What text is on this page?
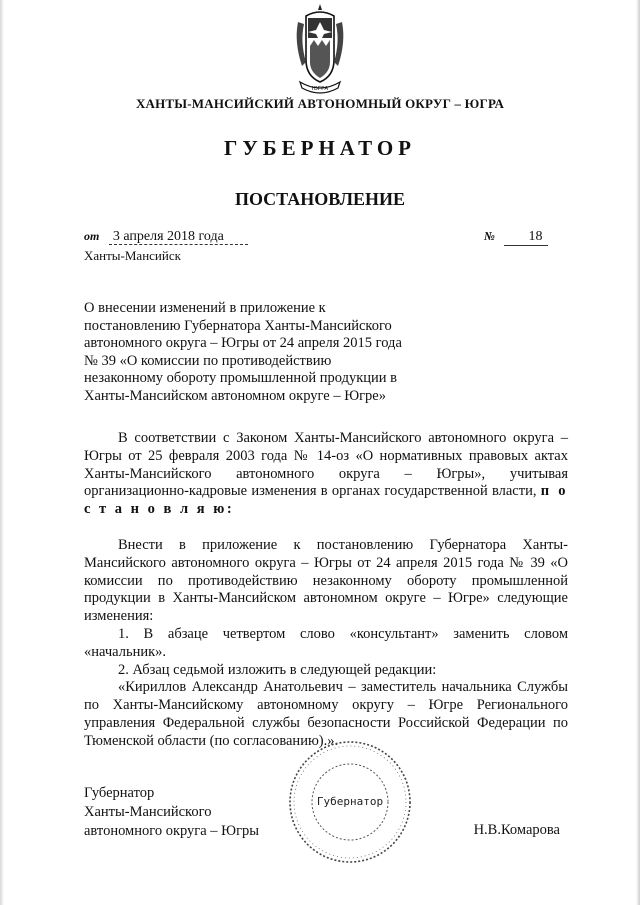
ЮГРА
ХАНТЫ-МАНСИЙСКИЙ АВТОНОМНЫЙ ОКРУГ – ЮГРА
ГУБЕРНАТОР
ПОСТАНОВЛЕНИЕ
от 3 апреля 2018 года	№ 18
Ханты-Мансийск
О внесении изменений в приложение к
постановлению Губернатора Ханты-Мансийского
автономного округа – Югры от 24 апреля 2015 года
№ 39 «О комиссии по противодействию
незаконному обороту промышленной продукции в
Ханты-Мансийском автономном округе – Югре»

В соответствии с Законом Ханты-Мансийского автономного округа – Югры от 25 февраля 2003 года № 14-оз «О нормативных правовых актах Ханты-Мансийского автономного округа – Югры», учитывая организационно-кадровые изменения в органах государственной власти, п о с т а н о в л я ю:

Внести в приложение к постановлению Губернатора Ханты-Мансийского автономного округа – Югры от 24 апреля 2015 года № 39 «О комиссии по противодействию незаконному обороту промышленной продукции в Ханты-Мансийском автономном округе – Югре» следующие изменения:

1. В абзаце четвертом слово «консультант» заменить словом «начальник».

2. Абзац седьмой изложить в следующей редакции:

«Кириллов Александр Анатольевич – заместитель начальника Службы по Ханты-Мансийскому автономному округу – Югре Регионального управления Федеральной службы безопасности Российской Федерации по Тюменской области (по согласованию).».

Губернатор
Ханты-Мансийского
автономного округа – Югры
Губернатор
Н.В.Комарова
